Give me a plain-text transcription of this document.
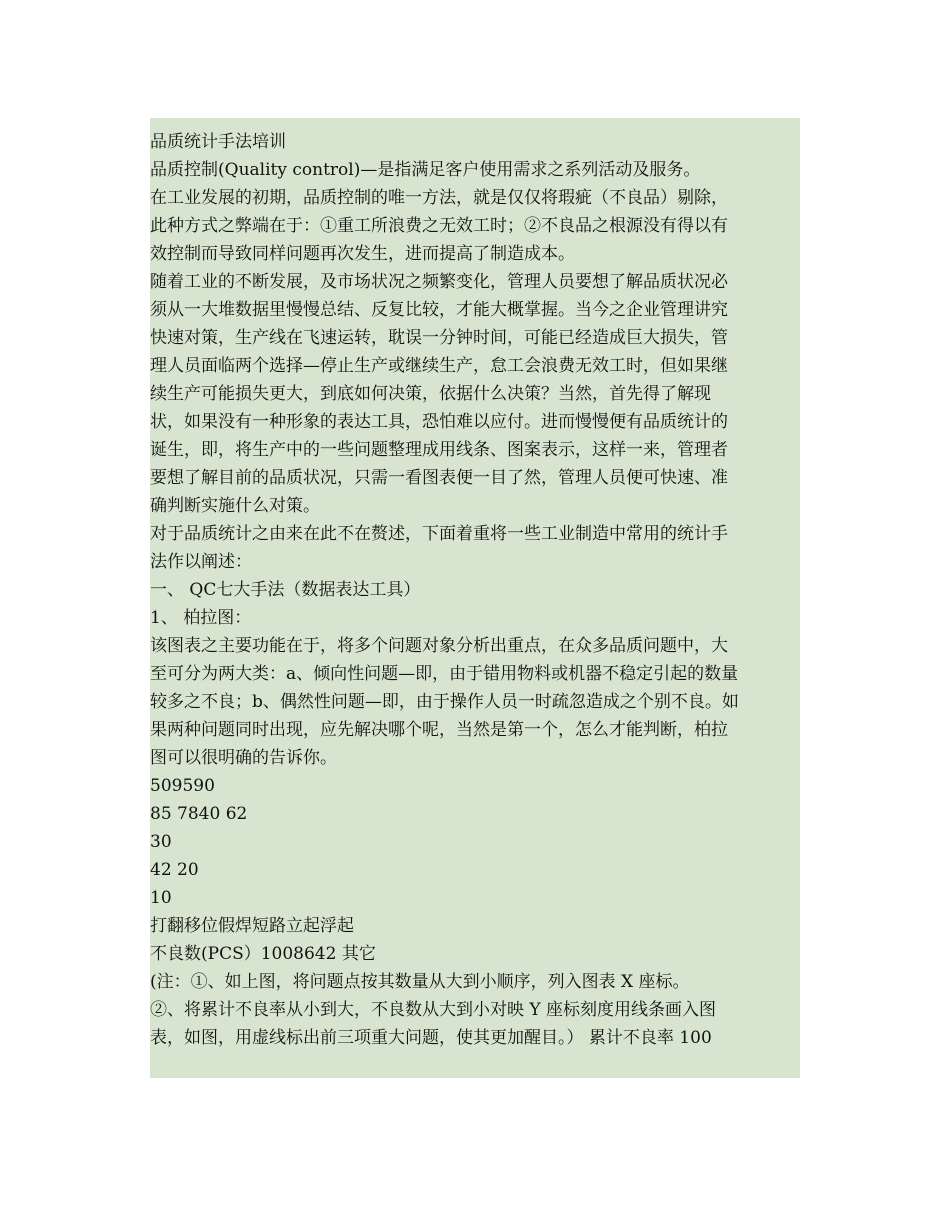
品质统计手法培训
品质控制(Quality control)—是指满足客户使用需求之系列活动及服务。
在工业发展的初期，品质控制的唯一方法，就是仅仅将瑕疵（不良品）剔除，
此种方式之弊端在于：①重工所浪费之无效工时；②不良品之根源没有得以有
效控制而导致同样问题再次发生，进而提高了制造成本。
随着工业的不断发展，及市场状况之频繁变化，管理人员要想了解品质状况必
须从一大堆数据里慢慢总结、反复比较，才能大概掌握。当今之企业管理讲究
快速对策，生产线在飞速运转，耽误一分钟时间，可能已经造成巨大损失，管
理人员面临两个选择—停止生产或继续生产，怠工会浪费无效工时，但如果继
续生产可能损失更大，到底如何决策，依据什么决策？当然，首先得了解现
状，如果没有一种形象的表达工具，恐怕难以应付。进而慢慢便有品质统计的
诞生，即，将生产中的一些问题整理成用线条、图案表示，这样一来，管理者
要想了解目前的品质状况，只需一看图表便一目了然，管理人员便可快速、准
确判断实施什么对策。
对于品质统计之由来在此不在赘述，下面着重将一些工业制造中常用的统计手
法作以阐述：
一、 QC七大手法（数据表达工具）
1、 柏拉图：
该图表之主要功能在于，将多个问题对象分析出重点，在众多品质问题中，大
至可分为两大类：a、倾向性问题—即，由于错用物料或机器不稳定引起的数量
较多之不良；b、偶然性问题—即，由于操作人员一时疏忽造成之个别不良。如
果两种问题同时出现，应先解决哪个呢，当然是第一个，怎么才能判断，柏拉
图可以很明确的告诉你。
509590
85 7840 62
30
42 20
10
打翻移位假焊短路立起浮起
不良数(PCS）1008642 其它
(注：①、如上图，将问题点按其数量从大到小顺序，列入图表 X 座标。
②、将累计不良率从小到大，不良数从大到小对映 Y 座标刻度用线条画入图
表，如图，用虚线标出前三项重大问题，使其更加醒目。） 累计不良率 100
